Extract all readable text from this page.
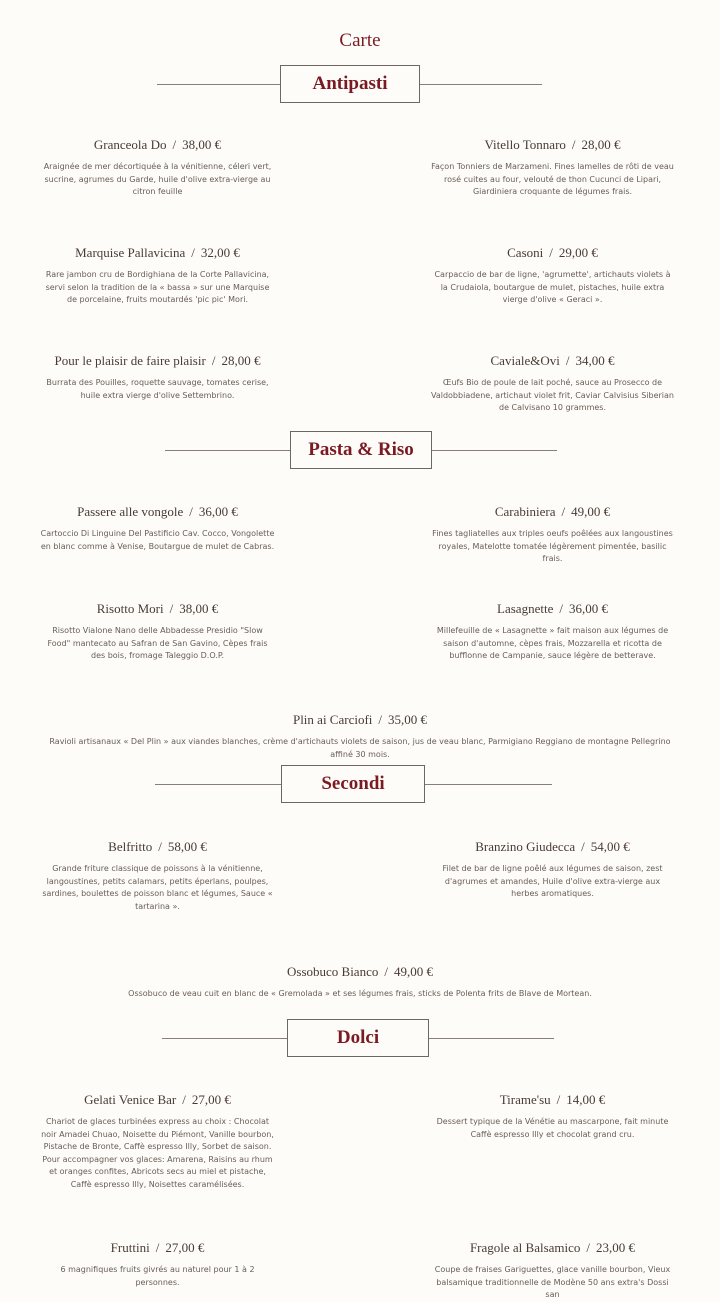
Carte
Antipasti
Granceola Do / 38,00 €
Araignée de mer décortiquée à la vénitienne, céleri vert, sucrine, agrumes du Garde, huile d'olive extra-vierge au citron feuille
Vitello Tonnaro / 28,00 €
Façon Tonniers de Marzameni. Fines lamelles de rôti de veau rosé cuites au four, velouté de thon Cucunci de Lipari, Giardiniera croquante de légumes frais.
Marquise Pallavicina / 32,00 €
Rare jambon cru de Bordighiana de la Corte Pallavicina, servi selon la tradition de la « bassa » sur une Marquise de porcelaine, fruits moutardés 'pic pic' Mori.
Casoni / 29,00 €
Carpaccio de bar de ligne, 'agrumette', artichauts violets à la Crudaiola, boutargue de mulet, pistaches, huile extra vierge d'olive « Geraci ».
Pour le plaisir de faire plaisir / 28,00 €
Burrata des Pouilles, roquette sauvage, tomates cerise, huile extra vierge d'olive Settembrino.
Caviale&Ovi / 34,00 €
Œufs Bio de poule de lait poché, sauce au Prosecco de Valdobbiadene, artichaut violet frit, Caviar Calvisius Siberian de Calvisano 10 grammes.
Pasta & Riso
Passere alle vongole / 36,00 €
Cartoccio Di Linguine Del Pastificio Cav. Cocco, Vongolette en blanc comme à Venise, Boutargue de mulet de Cabras.
Carabiniera / 49,00 €
Fines tagliatelles aux triples oeufs poêlées aux langoustines royales, Matelotte tomatée légèrement pimentée, basilic frais.
Risotto Mori / 38,00 €
Risotto Vialone Nano delle Abbadesse Presidio "Slow Food" mantecato au Safran de San Gavino, Cèpes frais des bois, fromage Taleggio D.O.P.
Lasagnette / 36,00 €
Millefeuille de « Lasagnette » fait maison aux légumes de saison d'automne, cèpes frais, Mozzarella et ricotta de bufflonne de Campanie, sauce légère de betterave.
Plin ai Carciofi / 35,00 €
Ravioli artisanaux « Del Plin » aux viandes blanches, crème d'artichauts violets de saison, jus de veau blanc, Parmigiano Reggiano de montagne Pellegrino affiné 30 mois.
Secondi
Belfritto / 58,00 €
Grande friture classique de poissons à la vénitienne, langoustines, petits calamars, petits éperlans, poulpes, sardines, boulettes de poisson blanc et légumes, Sauce « tartarina ».
Branzino Giudecca / 54,00 €
Filet de bar de ligne poêlé aux légumes de saison, zest d'agrumes et amandes, Huile d'olive extra-vierge aux herbes aromatiques.
Ossobuco Bianco / 49,00 €
Ossobuco de veau cuit en blanc de « Gremolada » et ses légumes frais, sticks de Polenta frits de Blave de Mortean.
Dolci
Gelati Venice Bar / 27,00 €
Chariot de glaces turbinées express au choix : Chocolat noir Amadei Chuao, Noisette du Piémont, Vanille bourbon, Pistache de Bronte, Caffè espresso Illy, Sorbet de saison. Pour accompagner vos glaces: Amarena, Raisins au rhum et oranges confites, Abricots secs au miel et pistache, Caffè espresso Illy, Noisettes caramélisées.
Tirame'su / 14,00 €
Dessert typique de la Vénétie au mascarpone, fait minute Caffè espresso Illy et chocolat grand cru.
Fruttini / 27,00 €
6 magnifiques fruits givrés au naturel pour 1 à 2 personnes.
Fragole al Balsamico / 23,00 €
Coupe de fraises Gariguettes, glace vanille bourbon, Vieux balsamique traditionnelle de Modène 50 ans extra's Dossi san
